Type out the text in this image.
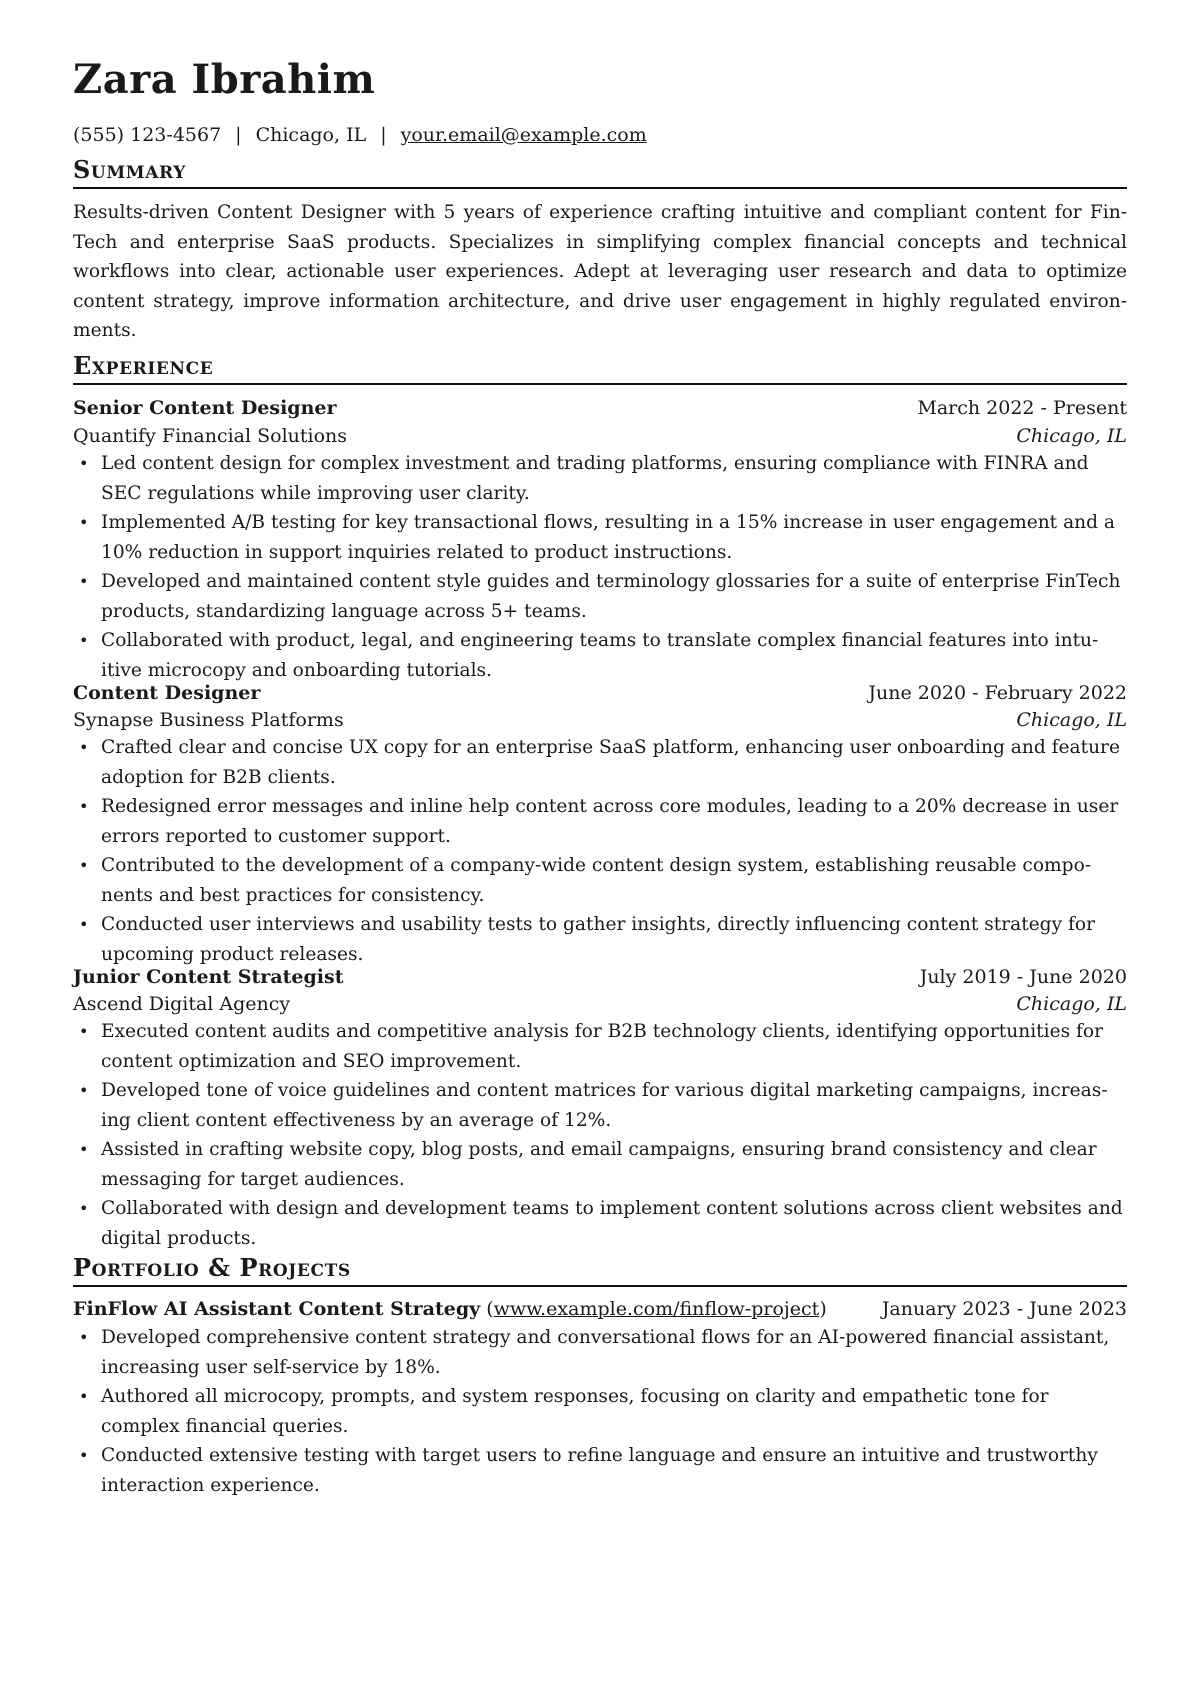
Zara Ibrahim
(555) 123-4567 | Chicago, IL | your.email@example.com
Summary
Results-driven Content Designer with 5 years of experience crafting intuitive and compliant content for FinTech and enterprise SaaS products. Specializes in simplifying complex financial concepts and technical workflows into clear, actionable user experiences. Adept at leveraging user research and data to optimize content strategy, improve information architecture, and drive user engagement in highly regulated environments.
Experience
Senior Content Designer	March 2022 - Present
Quantify Financial Solutions	Chicago, IL
• Led content design for complex investment and trading platforms, ensuring compliance with FINRA and SEC regulations while improving user clarity.
• Implemented A/B testing for key transactional flows, resulting in a 15% increase in user engagement and a 10% reduction in support inquiries related to product instructions.
• Developed and maintained content style guides and terminology glossaries for a suite of enterprise FinTech products, standardizing language across 5+ teams.
• Collaborated with product, legal, and engineering teams to translate complex financial features into intuitive microcopy and onboarding tutorials.
Content Designer	June 2020 - February 2022
Synapse Business Platforms	Chicago, IL
• Crafted clear and concise UX copy for an enterprise SaaS platform, enhancing user onboarding and feature adoption for B2B clients.
• Redesigned error messages and inline help content across core modules, leading to a 20% decrease in user errors reported to customer support.
• Contributed to the development of a company-wide content design system, establishing reusable components and best practices for consistency.
• Conducted user interviews and usability tests to gather insights, directly influencing content strategy for upcoming product releases.
Junior Content Strategist	July 2019 - June 2020
Ascend Digital Agency	Chicago, IL
• Executed content audits and competitive analysis for B2B technology clients, identifying opportunities for content optimization and SEO improvement.
• Developed tone of voice guidelines and content matrices for various digital marketing campaigns, increasing client content effectiveness by an average of 12%.
• Assisted in crafting website copy, blog posts, and email campaigns, ensuring brand consistency and clear messaging for target audiences.
• Collaborated with design and development teams to implement content solutions across client websites and digital products.
Portfolio & Projects
FinFlow AI Assistant Content Strategy (www.example.com/finflow-project)	January 2023 - June 2023
• Developed comprehensive content strategy and conversational flows for an AI-powered financial assistant, increasing user self-service by 18%.
• Authored all microcopy, prompts, and system responses, focusing on clarity and empathetic tone for complex financial queries.
• Conducted extensive testing with target users to refine language and ensure an intuitive and trustworthy interaction experience.
